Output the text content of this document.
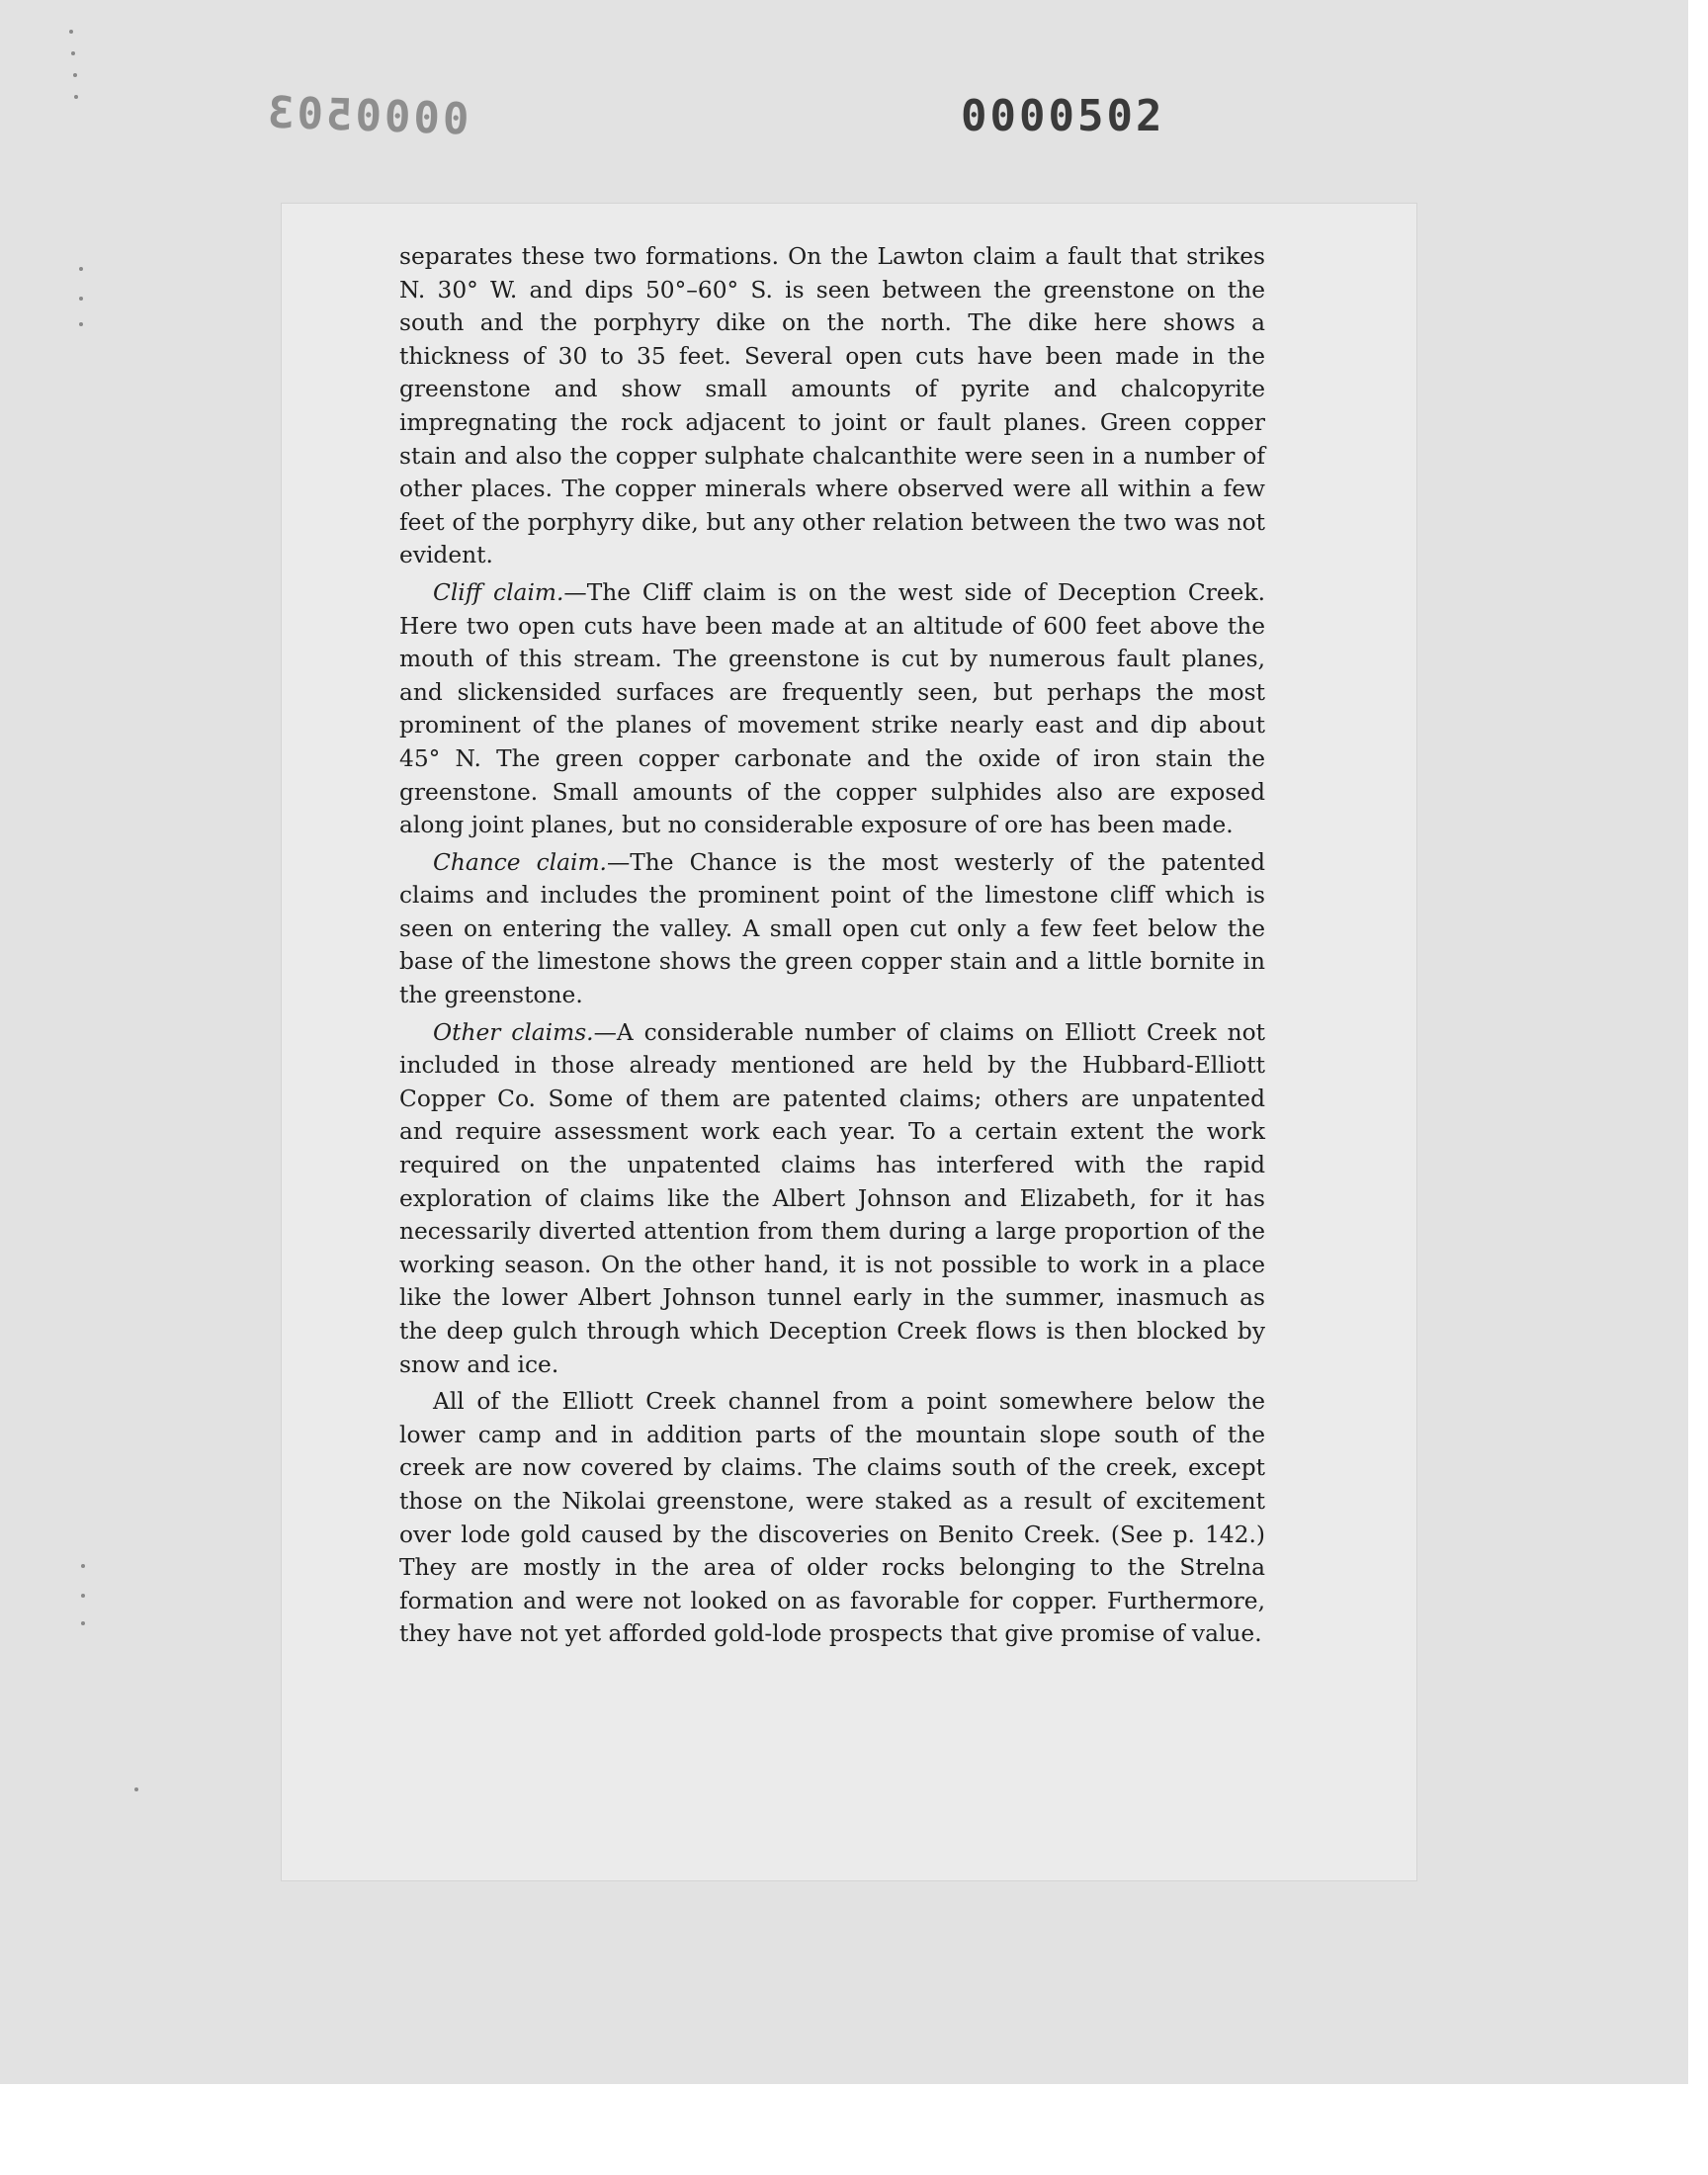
0000503	0000502

separates these two formations. On the Lawton claim a fault that strikes N. 30° W. and dips 50°–60° S. is seen between the greenstone on the south and the porphyry dike on the north. The dike here shows a thickness of 30 to 35 feet. Several open cuts have been made in the greenstone and show small amounts of pyrite and chalcopyrite impregnating the rock adjacent to joint or fault planes. Green copper stain and also the copper sulphate chalcanthite were seen in a number of other places. The copper minerals where observed were all within a few feet of the porphyry dike, but any other relation between the two was not evident.

Cliff claim.—The Cliff claim is on the west side of Deception Creek. Here two open cuts have been made at an altitude of 600 feet above the mouth of this stream. The greenstone is cut by numerous fault planes, and slickensided surfaces are frequently seen, but perhaps the most prominent of the planes of movement strike nearly east and dip about 45° N. The green copper carbonate and the oxide of iron stain the greenstone. Small amounts of the copper sulphides also are exposed along joint planes, but no considerable exposure of ore has been made.

Chance claim.—The Chance is the most westerly of the patented claims and includes the prominent point of the limestone cliff which is seen on entering the valley. A small open cut only a few feet below the base of the limestone shows the green copper stain and a little bornite in the greenstone.

Other claims.—A considerable number of claims on Elliott Creek not included in those already mentioned are held by the Hubbard-Elliott Copper Co. Some of them are patented claims; others are unpatented and require assessment work each year. To a certain extent the work required on the unpatented claims has interfered with the rapid exploration of claims like the Albert Johnson and Elizabeth, for it has necessarily diverted attention from them during a large proportion of the working season. On the other hand, it is not possible to work in a place like the lower Albert Johnson tunnel early in the summer, inasmuch as the deep gulch through which Deception Creek flows is then blocked by snow and ice.

All of the Elliott Creek channel from a point somewhere below the lower camp and in addition parts of the mountain slope south of the creek are now covered by claims. The claims south of the creek, except those on the Nikolai greenstone, were staked as a result of excitement over lode gold caused by the discoveries on Benito Creek. (See p. 142.) They are mostly in the area of older rocks belonging to the Strelna formation and were not looked on as favorable for copper. Furthermore, they have not yet afforded gold-lode prospects that give promise of value.
